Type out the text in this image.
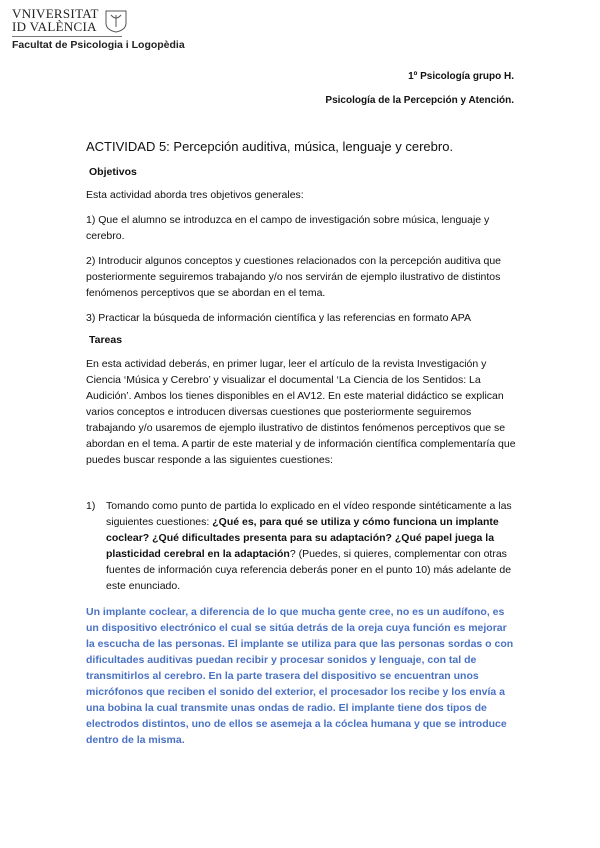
VNIVERSITAT
ID VALÈNCIA
Facultat de Psicologia i Logopèdia
1º Psicología grupo H.
Psicología de la Percepción y Atención.
ACTIVIDAD 5: Percepción auditiva, música, lenguaje y cerebro.
Objetivos
Esta actividad aborda tres objetivos generales:
1) Que el alumno se introduzca en el campo de investigación sobre música, lenguaje y cerebro.
2) Introducir algunos conceptos y cuestiones relacionados con la percepción auditiva que posteriormente seguiremos trabajando y/o nos servirán de ejemplo ilustrativo de distintos fenómenos perceptivos que se abordan en el tema.
3) Practicar la búsqueda de información científica y las referencias en formato APA
Tareas
En esta actividad deberás, en primer lugar, leer el artículo de la revista Investigación y Ciencia ‘Música y Cerebro’ y visualizar el documental ‘La Ciencia de los Sentidos: La Audición’. Ambos los tienes disponibles en el AV12. En este material didáctico se explican varios conceptos e introducen diversas cuestiones que posteriormente seguiremos trabajando y/o usaremos de ejemplo ilustrativo de distintos fenómenos perceptivos que se abordan en el tema. A partir de este material y de información científica complementaría que puedes buscar responde a las siguientes cuestiones:
1) Tomando como punto de partida lo explicado en el vídeo responde sintéticamente a las siguientes cuestiones: ¿Qué es, para qué se utiliza y cómo funciona un implante coclear? ¿Qué dificultades presenta para su adaptación? ¿Qué papel juega la plasticidad cerebral en la adaptación? (Puedes, si quieres, complementar con otras fuentes de información cuya referencia deberás poner en el punto 10) más adelante de este enunciado.
Un implante coclear, a diferencia de lo que mucha gente cree, no es un audífono, es un dispositivo electrónico el cual se sitúa detrás de la oreja cuya función es mejorar la escucha de las personas. El implante se utiliza para que las personas sordas o con dificultades auditivas puedan recibir y procesar sonidos y lenguaje, con tal de transmitirlos al cerebro. En la parte trasera del dispositivo se encuentran unos micrófonos que reciben el sonido del exterior, el procesador los recibe y los envía a una bobina la cual transmite unas ondas de radio. El implante tiene dos tipos de electrodos distintos, uno de ellos se asemeja a la cóclea humana y que se introduce dentro de la misma.
